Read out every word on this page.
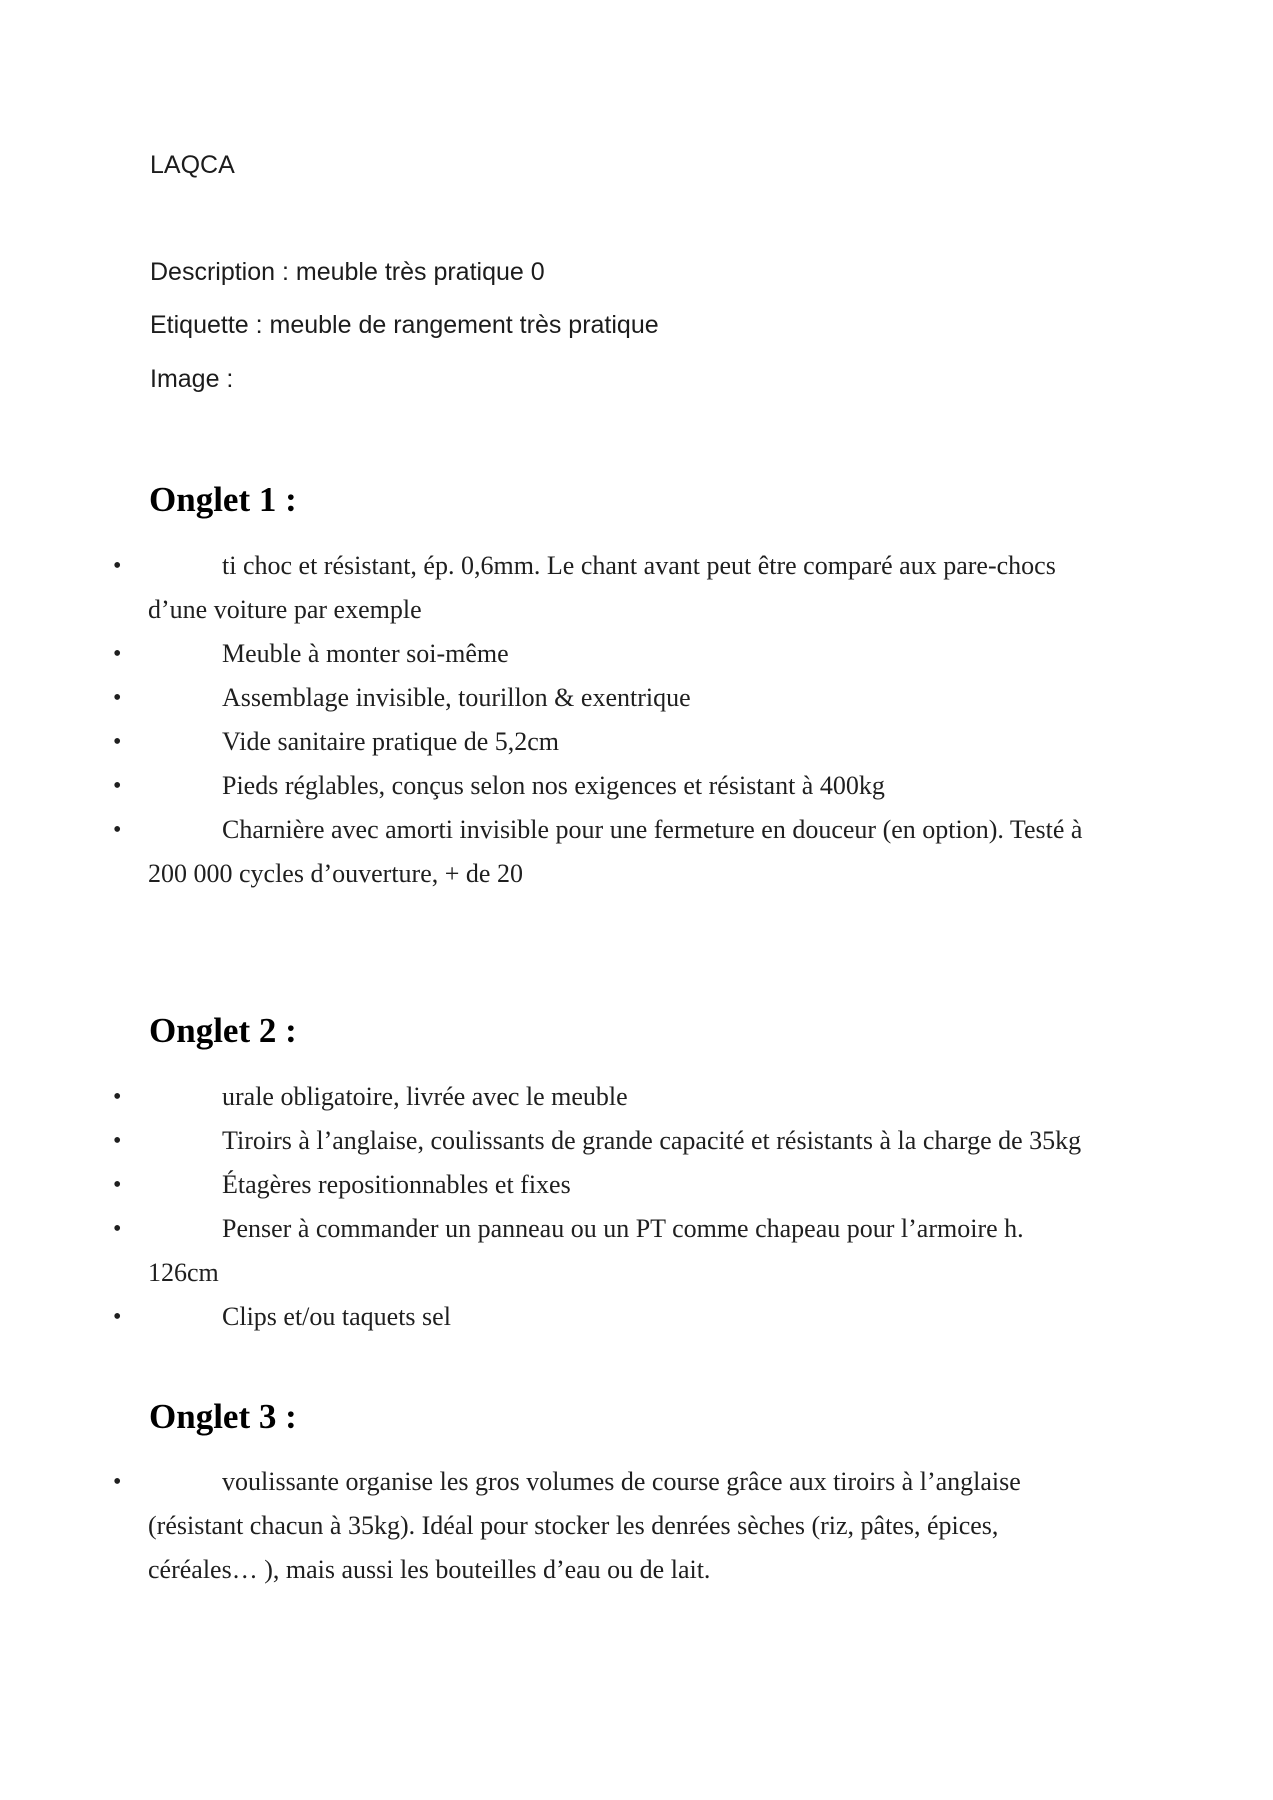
LAQCA
Description : meuble très pratique 0
Etiquette : meuble de rangement très pratique
Image :
Onglet 1 :
•	ti choc et résistant, ép. 0,6mm. Le chant avant peut être comparé aux pare-chocs
d’une voiture par exemple
•	Meuble à monter soi-même
•	Assemblage invisible, tourillon & exentrique
•	Vide sanitaire pratique de 5,2cm
•	Pieds réglables, conçus selon nos exigences et résistant à 400kg
•	Charnière avec amorti invisible pour une fermeture en douceur (en option). Testé à
200 000 cycles d’ouverture, + de 20
Onglet 2 :
•	urale obligatoire, livrée avec le meuble
•	Tiroirs à l’anglaise, coulissants de grande capacité et résistants à la charge de 35kg
•	Étagères repositionnables et fixes
•	Penser à commander un panneau ou un PT comme chapeau pour l’armoire h.
126cm
•	Clips et/ou taquets sel
Onglet 3 :
•	voulissante organise les gros volumes de course grâce aux tiroirs à l’anglaise
(résistant chacun à 35kg). Idéal pour stocker les denrées sèches (riz, pâtes, épices,
céréales… ), mais aussi les bouteilles d’eau ou de lait.
